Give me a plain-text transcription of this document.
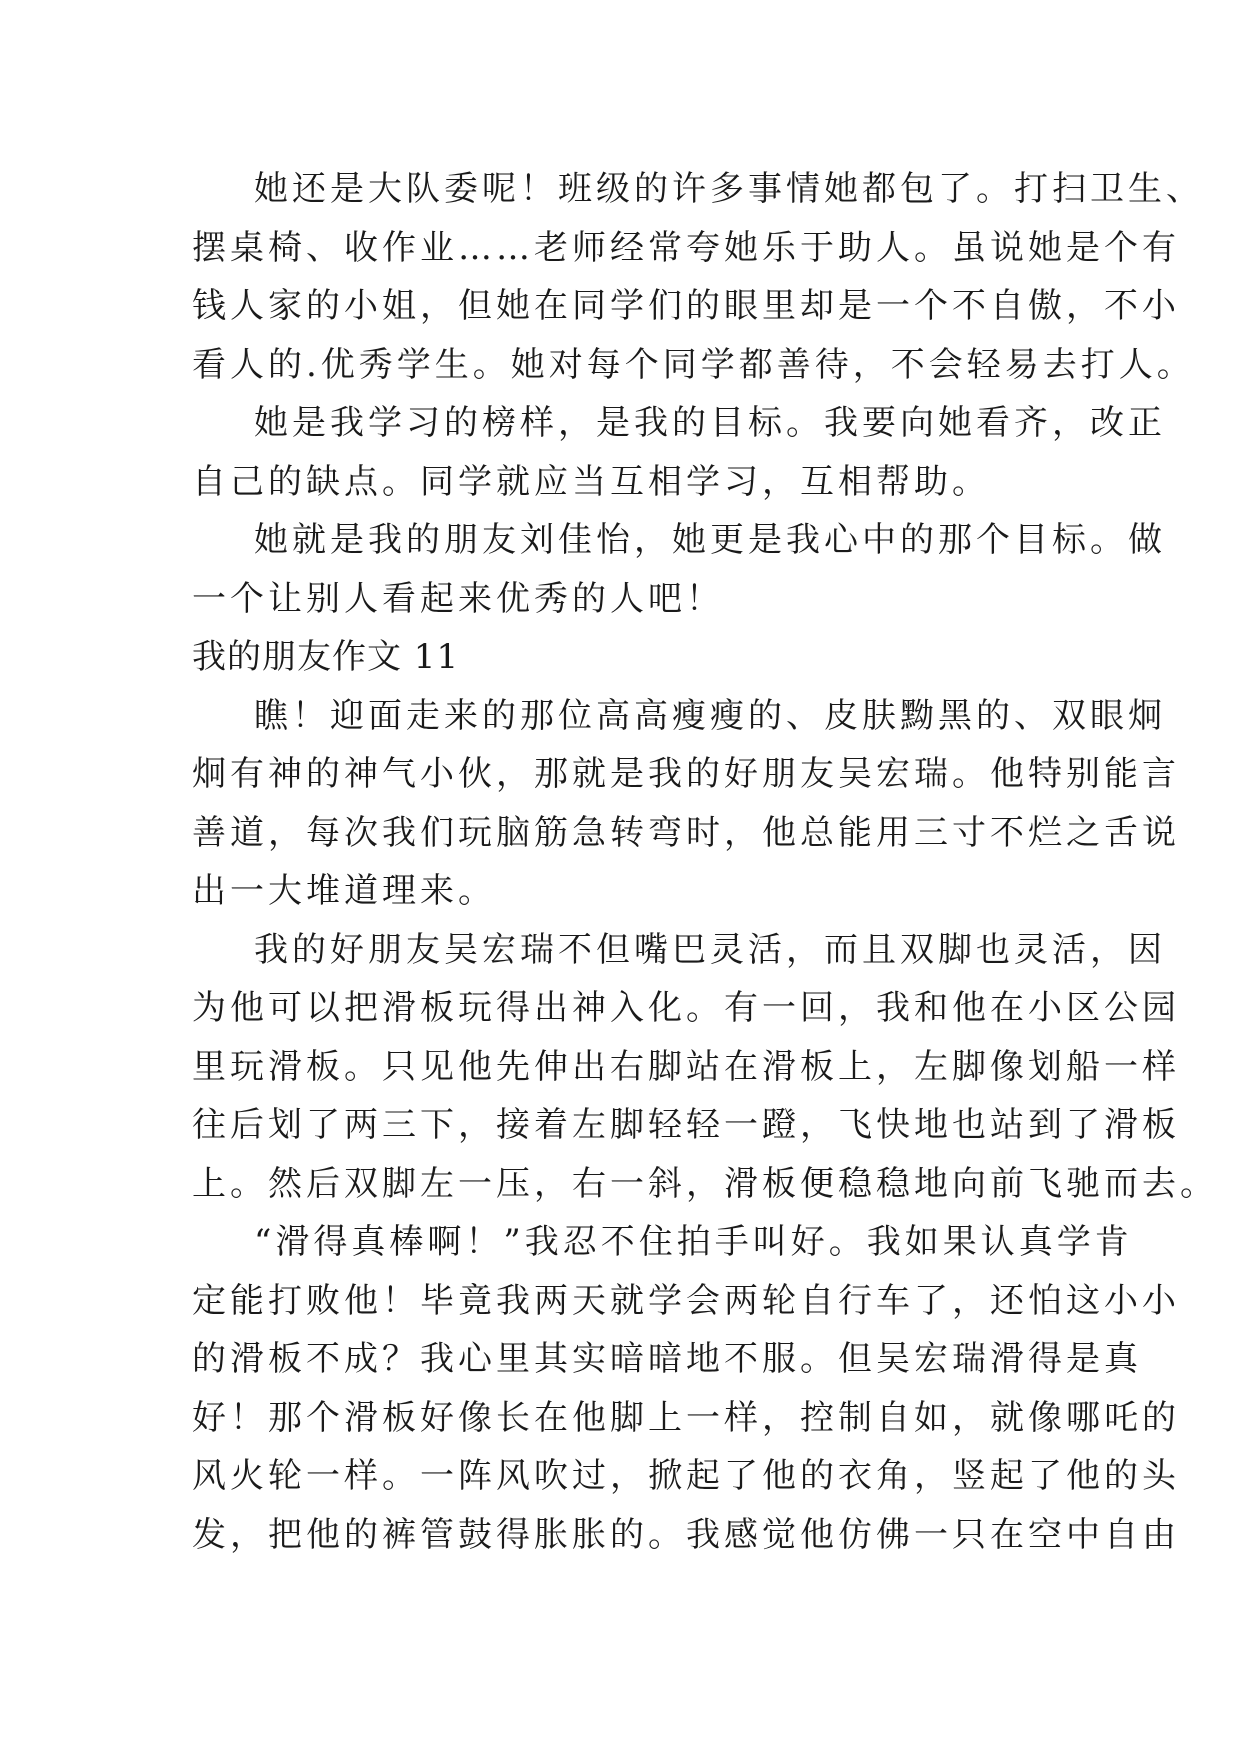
她还是大队委呢！班级的许多事情她都包了。打扫卫生、
摆桌椅、收作业……老师经常夸她乐于助人。虽说她是个有
钱人家的小姐，但她在同学们的眼里却是一个不自傲，不小
看人的.优秀学生。她对每个同学都善待，不会轻易去打人。
她是我学习的榜样，是我的目标。我要向她看齐，改正
自己的缺点。同学就应当互相学习，互相帮助。
她就是我的朋友刘佳怡，她更是我心中的那个目标。做
一个让别人看起来优秀的人吧！
我的朋友作文 11
瞧！迎面走来的那位高高瘦瘦的、皮肤黝黑的、双眼炯
炯有神的神气小伙，那就是我的好朋友吴宏瑞。他特别能言
善道，每次我们玩脑筋急转弯时，他总能用三寸不烂之舌说
出一大堆道理来。
我的好朋友吴宏瑞不但嘴巴灵活，而且双脚也灵活，因
为他可以把滑板玩得出神入化。有一回，我和他在小区公园
里玩滑板。只见他先伸出右脚站在滑板上，左脚像划船一样
往后划了两三下，接着左脚轻轻一蹬，飞快地也站到了滑板
上。然后双脚左一压，右一斜，滑板便稳稳地向前飞驰而去。
“滑得真棒啊！”我忍不住拍手叫好。我如果认真学肯
定能打败他！毕竟我两天就学会两轮自行车了，还怕这小小
的滑板不成？我心里其实暗暗地不服。但吴宏瑞滑得是真
好！那个滑板好像长在他脚上一样，控制自如，就像哪吒的
风火轮一样。一阵风吹过，掀起了他的衣角，竖起了他的头
发，把他的裤管鼓得胀胀的。我感觉他仿佛一只在空中自由
